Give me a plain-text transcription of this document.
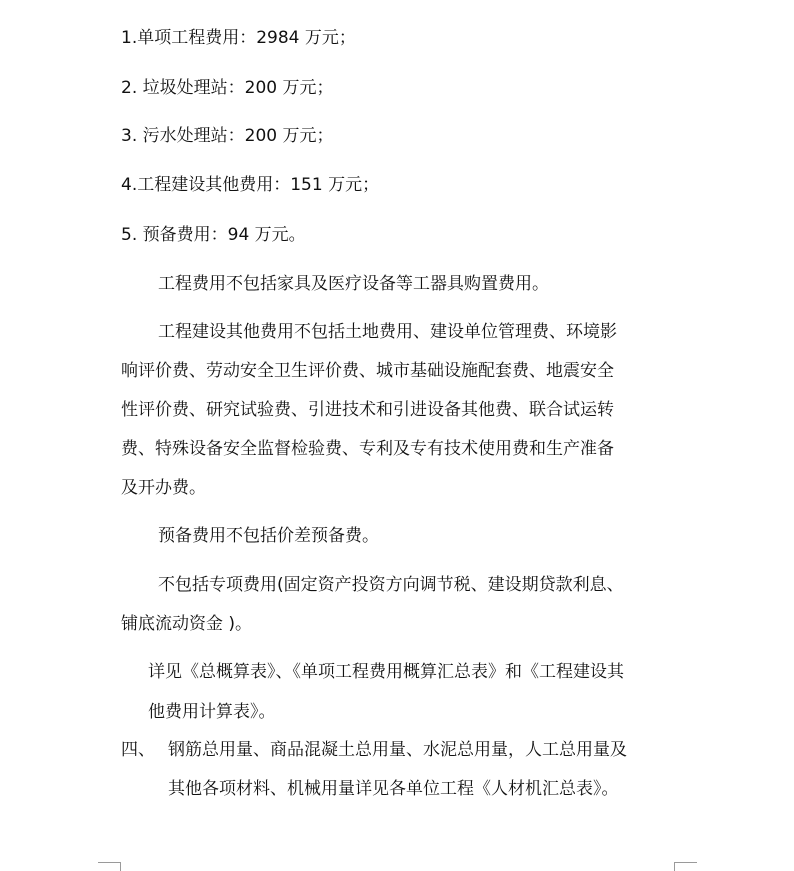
1.单项工程费用：2984 万元；
2. 垃圾处理站：200 万元；
3. 污水处理站：200 万元；
4.工程建设其他费用：151 万元；
5. 预备费用：94 万元。
工程费用不包括家具及医疗设备等工器具购置费用。
工程建设其他费用不包括土地费用、建设单位管理费、环境影
响评价费、劳动安全卫生评价费、城市基础设施配套费、地震安全
性评价费、研究试验费、引进技术和引进设备其他费、联合试运转
费、特殊设备安全监督检验费、专利及专有技术使用费和生产准备
及开办费。
预备费用不包括价差预备费。
不包括专项费用(固定资产投资方向调节税、建设期贷款利息、
铺底流动资金 )。
详见《总概算表》、《单项工程费用概算汇总表》和《工程建设其
他费用计算表》。
四、 钢筋总用量、商品混凝土总用量、水泥总用量，人工总用量及
其他各项材料、机械用量详见各单位工程《人材机汇总表》。
